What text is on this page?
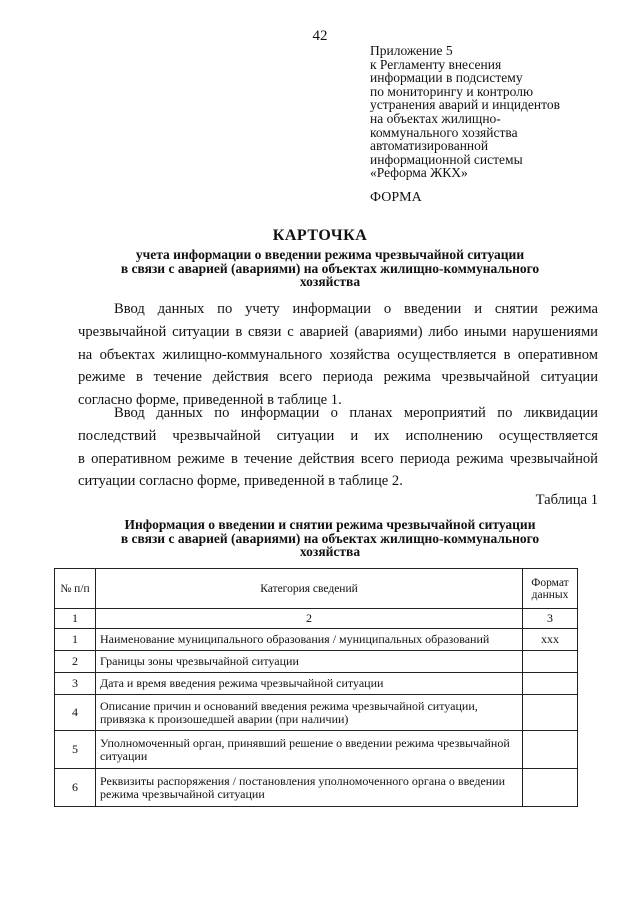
42
Приложение 5
к Регламенту внесения
информации в подсистему
по мониторингу и контролю
устранения аварий и инцидентов
на объектах жилищно-
коммунального хозяйства
автоматизированной
информационной системы
«Реформа ЖКХ»
ФОРМА
КАРТОЧКА
учета информации о введении режима чрезвычайной ситуации
в связи с аварией (авариями) на объектах жилищно-коммунального
хозяйства
Ввод данных по учету информации о введении и снятии режима
чрезвычайной ситуации в связи с аварией (авариями) либо иными нарушениями
на объектах жилищно-коммунального хозяйства осуществляется в оперативном
режиме в течение действия всего периода режима чрезвычайной ситуации
согласно форме, приведенной в таблице 1.
Ввод данных по информации о планах мероприятий по ликвидации
последствий чрезвычайной ситуации и их исполнению осуществляется
в оперативном режиме в течение действия всего периода режима чрезвычайной
ситуации согласно форме, приведенной в таблице 2.
Таблица 1
Информация о введении и снятии режима чрезвычайной ситуации
в связи с аварией (авариями) на объектах жилищно-коммунального
хозяйства
№ п/п	Категория сведений	Формат данных
1	2	3
1	Наименование муниципального образования / муниципальных образований	ххх
2	Границы зоны чрезвычайной ситуации	
3	Дата и время введения режима чрезвычайной ситуации	
4	Описание причин и оснований введения режима чрезвычайной ситуации, привязка к произошедшей аварии (при наличии)	
5	Уполномоченный орган, принявший решение о введении режима чрезвычайной ситуации	
6	Реквизиты распоряжения / постановления уполномоченного органа о введении режима чрезвычайной ситуации	
